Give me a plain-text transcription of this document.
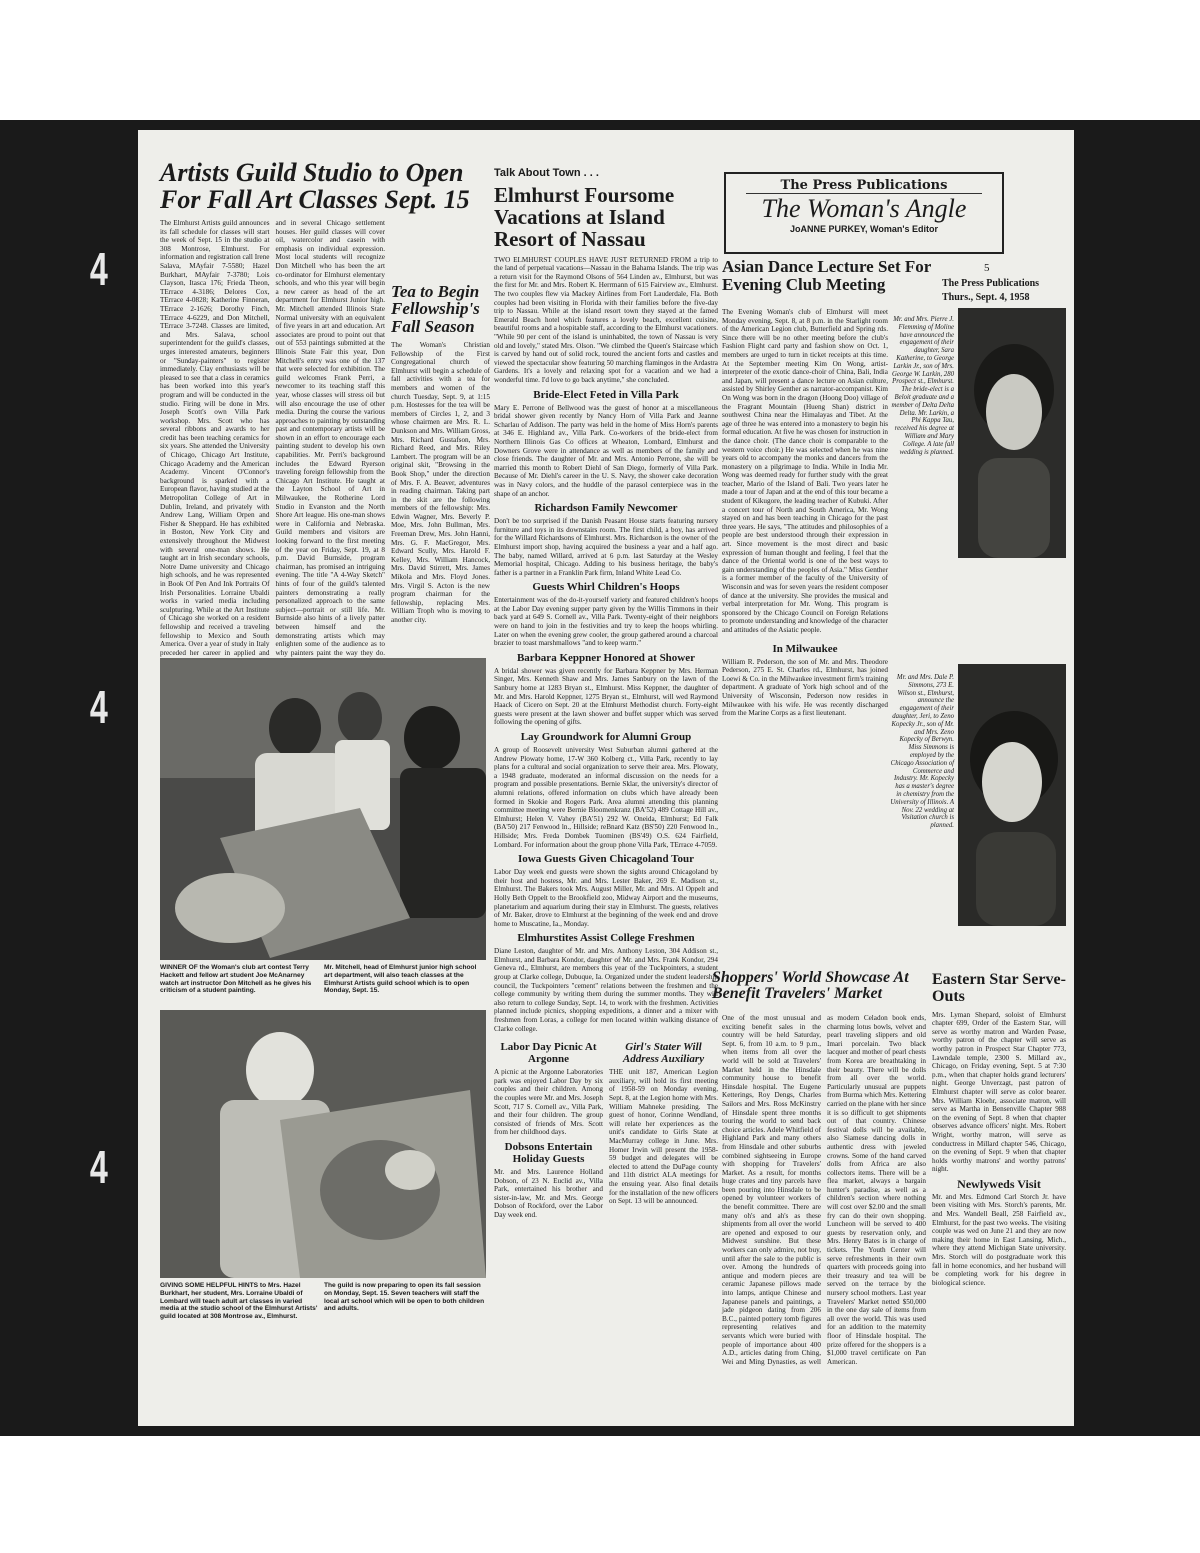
4
4
4
Artists Guild Studio to Open For Fall Art Classes Sept. 15

The Elmhurst Artists guild announces its fall schedule for classes will start the week of Sept. 15 in the studio at 308 Montrose, Elmhurst. For information and registration call Irene Salava, MAyfair 7-5580; Hazel Burkhart, MAyfair 7-3780; Lois Clayson, Itasca 176; Frieda Theon, TErrace 4-3186; Delores Cox, TErrace 4-0828; Katherine Finneran, TErrace 2-1626; Dorothy Finch, TErrace 4-6229, and Don Mitchell, TErrace 3-7248. Classes are limited, and Mrs. Salava, school superintendent for the guild's classes, urges interested amateurs, beginners or "Sunday-painters" to register immediately. Clay enthusiasts will be pleased to see that a class in ceramics has been worked into this year's program and will be conducted in the studio. Firing will be done in Mrs. Joseph Scott's own Villa Park workshop. Mrs. Scott who has several ribbons and awards to her credit has been teaching ceramics for six years. She attended the University of Chicago, Chicago Art Institute, Chicago Academy and the American Academy. Vincent O'Connor's background is sparked with a European flavor, having studied at the Metropolitan College of Art in Dublin, Ireland, and privately with Andrew Lang, William Orpen and Fisher & Sheppard. He has exhibited in Boston, New York City and extensively throughout the Midwest with several one-man shows. He taught art in Irish secondary schools, Notre Dame university and Chicago high schools, and he was represented in Book Of Pen And Ink Portraits Of Irish Personalities. Lorraine Ubaldi works in varied media including sculpturing. While at the Art Institute of Chicago she worked on a resident fellowship and received a traveling fellowship to Mexico and South America. Over a year of study in Italy preceded her career in applied and and in several Chicago settlement houses. Her guild classes will cover oil, watercolor and casein with emphasis on individual expression. Most local students will recognize Don Mitchell who has been the art co-ordinator for Elmhurst elementary schools, and who this year will begin a new career as head of the art department for Elmhurst Junior high. Mr. Mitchell attended Illinois State Normal university with an equivalent of five years in art and education. Art associates are proud to point out that out of 553 paintings submitted at the Illinois State Fair this year, Don Mitchell's entry was one of the 137 that were selected for exhibition. The guild welcomes Frank Perri, a newcomer to its teaching staff this year, whose classes will stress oil but will also encourage the use of other media. During the course the various approaches to painting by outstanding past and contemporary artists will be shown in an effort to encourage each painting student to develop his own capabilities. Mr. Perri's background includes the Edward Ryerson traveling foreign fellowship from the Chicago Art Institute. He taught at the Layton School of Art in Milwaukee, the Rotherine Lord Studio in Evanston and the North Shore Art league. His one-man shows were in California and Nebraska. Guild members and visitors are looking forward to the first meeting of the year on Friday, Sept. 19, at 8 p.m. David Burnside, program chairman, has promised an intriguing evening. The title "A 4-Way Sketch" hints of four of the guild's talented painters demonstrating a really personalized approach to the same subject—portrait or still life. Mr. Burnside also hints of a lively patter between himself and the demonstrating artists which may enlighten some of the audience as to why painters paint the way they do.

Tea to Begin Fellowship's Fall Season

The Woman's Christian Fellowship of the First Congregational church of Elmhurst will begin a schedule of fall activities with a tea for members and women of the church Tuesday, Sept. 9, at 1:15 p.m. Hostesses for the tea will be members of Circles 1, 2, and 3 whose chairmen are Mrs. R. L. Dunkson and Mrs. William Gross, Mrs. Richard Gustafson, Mrs. Richard Reed, and Mrs. Riley Lambert. The program will be an original skit, "Browsing in the Book Shop," under the direction of Mrs. F. A. Beaver, adventures in reading chairman. Taking part in the skit are the following members of the fellowship: Mrs. Edwin Wagner, Mrs. Beverly P. Moe, Mrs. John Bullman, Mrs. Freeman Drew, Mrs. John Hanni, Mrs. G. F. MacGregor, Mrs. Edward Scully, Mrs. Harold F. Kelley, Mrs. William Hancock, Mrs. David Stirrett, Mrs. James Mikola and Mrs. Floyd Jones. Mrs. Virgil S. Acton is the new program chairman for the fellowship, replacing Mrs. William Troph who is moving to another city.

WINNER OF the Woman's club art contest Terry Hackett and fellow art student Joe McAnarney watch art instructor Don Mitchell as he gives his criticism of a student painting.
Mr. Mitchell, head of Elmhurst junior high school art department, will also teach classes at the Elmhurst Artists guild school which is to open Monday, Sept. 15.
GIVING SOME HELPFUL HINTS to Mrs. Hazel Burkhart, her student, Mrs. Lorraine Ubaldi of Lombard will teach adult art classes in varied media at the studio school of the Elmhurst Artists' guild located at 308 Montrose av., Elmhurst.
The guild is now preparing to open its fall session on Monday, Sept. 15. Seven teachers will staff the local art school which will be open to both children and adults.
Talk About Town . . .
Elmhurst Foursome Vacations at Island Resort of Nassau

TWO ELMHURST COUPLES HAVE JUST RETURNED FROM a trip to the land of perpetual vacations—Nassau in the Bahama Islands. The trip was a return visit for the Raymond Olsons of 564 Linden av., Elmhurst, but was the first for Mr. and Mrs. Robert K. Herrmann of 615 Fairview av., Elmhurst. The two couples flew via Mackey Airlines from Fort Lauderdale, Fla. Both couples had been visiting in Florida with their families before the five-day trip to Nassau. While at the island resort town they stayed at the famed Emerald Beach hotel which features a lovely beach, excellent cuisine, beautiful rooms and a hospitable staff, according to the Elmhurst vacationers. "While 90 per cent of the island is uninhabited, the town of Nassau is very old and lovely," stated Mrs. Olson. "We climbed the Queen's Staircase which is carved by hand out of solid rock, toured the ancient forts and castles and viewed the spectacular show featuring 50 marching flamingos in the Ardastra Gardens. It's a lovely and relaxing spot for a vacation and we had a wonderful time. I'd love to go back anytime," she concluded.

Bride-Elect Feted in Villa Park

Mary E. Perrone of Bellwood was the guest of honor at a miscellaneous bridal shower given recently by Nancy Horn of Villa Park and Jeanne Scharlau of Addison. The party was held in the home of Miss Horn's parents at 346 E. Highland av., Villa Park. Co-workers of the bride-elect from Northern Illinois Gas Co offices at Wheaton, Lombard, Elmhurst and Downers Grove were in attendance as well as members of the family and close friends. The daughter of Mr. and Mrs. Antonio Perrone, she will be married this month to Robert Diehl of San Diego, formerly of Villa Park. Because of Mr. Diehl's career in the U. S. Navy, the shower cake decoration was in Navy colors, and the huddle of the parasol centerpiece was in the shape of an anchor.

Richardson Family Newcomer

Don't be too surprised if the Danish Peasant House starts featuring nursery furniture and toys in its downstairs room. The first child, a boy, has arrived for the Willard Richardsons of Elmhurst. Mrs. Richardson is the owner of the Elmhurst import shop, having acquired the business a year and a half ago. The baby, named Willard, arrived at 6 p.m. last Saturday at the Wesley Memorial hospital, Chicago. Adding to his business heritage, the baby's father is a partner in a Franklin Park firm, Inland White Lead Co.

Guests Whirl Children's Hoops

Entertainment was of the do-it-yourself variety and featured children's hoops at the Labor Day evening supper party given by the Willis Timmons in their back yard at 649 S. Cornell av., Villa Park. Twenty-eight of their neighbors were on hand to join in the festivities and try to keep the hoops whirling. Later on when the evening grew cooler, the group gathered around a charcoal brazier to toast marshmallows "and to keep warm."

Barbara Keppner Honored at Shower

A bridal shower was given recently for Barbara Keppner by Mrs. Herman Singer, Mrs. Kenneth Shaw and Mrs. James Sanbury on the lawn of the Sanbury home at 1283 Bryan st., Elmhurst. Miss Keppner, the daughter of Mr. and Mrs. Harold Keppner, 1275 Bryan st., Elmhurst, will wed Raymond Haack of Cicero on Sept. 20 at the Elmhurst Methodist church. Forty-eight guests were present at the lawn shower and buffet supper which was served following the opening of gifts.

Lay Groundwork for Alumni Group

A group of Roosevelt university West Suburban alumni gathered at the Andrew Plowaty home, 17-W 360 Kolberg ct., Villa Park, recently to lay plans for a cultural and social organization to serve their area. Mrs. Plowaty, a 1948 graduate, moderated an informal discussion on the needs for a program and possible presentations. Bernie Sklar, the university's director of alumni relations, offered information on clubs which have already been formed in Skokie and Rogers Park. Area alumni attending this planning committee meeting were Bernie Bloomenkranz (BA'52) 489 Cottage Hill av., Elmhurst; Helen V. Vahey (BA'51) 292 W. Oneida, Elmhurst; Ed Falk (BA'50) 217 Fenwood ln., Hillside; reBnard Katz (BS'50) 220 Fenwood ln., Hillside; Mrs. Freda Dombek Tuominen (BS'49) O.S. 624 Fairfield, Lombard. For information about the group phone Villa Park, TErrace 4-7059.

Iowa Guests Given Chicagoland Tour

Labor Day week end guests were shown the sights around Chicagoland by their host and hostess, Mr. and Mrs. Lester Baker, 269 E. Madison st., Elmhurst. The Bakers took Mrs. August Miller, Mr. and Mrs. Al Oppelt and Holly Beth Oppelt to the Brookfield zoo, Midway Airport and the museums, planetarium and aquarium during their stay in Elmhurst. The guests, relatives of Mr. Baker, drove to Elmhurst at the beginning of the week end and drove home to Muscatine, Ia., Monday.

Elmhurstites Assist College Freshmen

Diane Leston, daughter of Mr. and Mrs. Anthony Leston, 304 Addison st., Elmhurst, and Barbara Kondor, daughter of Mr. and Mrs. Frank Kondor, 294 Geneva rd., Elmhurst, are members this year of the Tuckpointers, a student group at Clarke college, Dubuque, Ia. Organized under the student leadership council, the Tuckpointers "cement" relations between the freshmen and the college community by writing them during the summer months. They will also return to college Sunday, Sept. 14, to work with the freshmen. Activities planned include picnics, shopping expeditions, a dinner and a mixer with freshmen from Loras, a college for men located within walking distance of Clarke college.

Labor Day Picnic At Argonne

A picnic at the Argonne Laboratories park was enjoyed Labor Day by six couples and their children. Among the couples were Mr. and Mrs. Joseph Scott, 717 S. Cornell av., Villa Park, and their four children. The group consisted of friends of Mrs. Scott from her childhood days.

Dobsons Entertain Holiday Guests

Mr. and Mrs. Laurence Holland Dobson, of 23 N. Euclid av., Villa Park, entertained his brother and sister-in-law, Mr. and Mrs. George Dobson of Rockford, over the Labor Day week end.

Girl's Stater Will Address Auxiliary

THE unit 187, American Legion auxiliary, will hold its first meeting of 1958-59 on Monday evening, Sept. 8, at the Legion home with Mrs. William Mahneke presiding. The guest of honor, Corinne Wendland, will relate her experiences as the unit's candidate to Girls State at MacMurray college in June. Mrs. Homer Irwin will present the 1958-59 budget and delegates will be elected to attend the DuPage county and 11th district ALA meetings for the ensuing year. Also final details for the installation of the new officers on Sept. 13 will be announced.

The Press Publications
The Woman's Angle
JoANNE PURKEY, Woman's Editor
Asian Dance Lecture Set For Evening Club Meeting
5
The Press Publications
Thurs., Sept. 4, 1958

The Evening Woman's club of Elmhurst will meet Monday evening, Sept. 8, at 8 p.m. in the Starlight room of the American Legion club, Butterfield and Spring rds. Since there will be no other meeting before the club's Fashion Flight card party and fashion show on Oct. 1, members are urged to turn in ticket receipts at this time. At the September meeting Kim On Wong, artist-interpreter of the exotic dance-choir of China, Bali, India and Japan, will present a dance lecture on Asian culture, assisted by Shirley Genther as narrator-accompanist. Kim On Wong was born in the dragon (Hoong Doo) village of the Fragrant Mountain (Hueng Shan) district in southwest China near the Himalayas and Tibet. At the age of three he was entered into a monastery to begin his formal education. At five he was chosen for instruction in the dance choir. (The dance choir is comparable to the western voice choir.) He was selected when he was nine years old to accompany the monks and dancers from the monastery on a pilgrimage to India. While in India Mr. Wong was deemed ready for further study with the great teacher, Mario of the Island of Bali. Two years later he made a tour of Japan and at the end of this tour became a student of Kikugore, the leading teacher of Kubuki. After a concert tour of North and South America, Mr. Wong stayed on and has been teaching in Chicago for the past three years. He says, "The attitudes and philosophies of a people are best understood through their expression in art. Since movement is the most direct and basic expression of human thought and feeling, I feel that the dance of the Oriental world is one of the best ways to gain understanding of the peoples of Asia." Miss Genther is a former member of the faculty of the University of Wisconsin and was for seven years the resident composer of dance at the university. She provides the musical and verbal interpretation for Mr. Wong. This program is sponsored by the Chicago Council on Foreign Relations to promote understanding and knowledge of the character and attitudes of the Asiatic people.

In Milwaukee

William R. Pederson, the son of Mr. and Mrs. Theodore Pederson, 275 E. St. Charles rd., Elmhurst, has joined Loewi & Co. in the Milwaukee investment firm's training department. A graduate of York high school and of the University of Wisconsin, Pederson now resides in Milwaukee with his wife. He was recently discharged from the Marine Corps as a first lieutenant.

Mr. and Mrs. Pierre J. Flemming of Moline have announced the engagement of their daughter, Sara Katherine, to George Larkin Jr., son of Mrs. George W. Larkin, 280 Prospect st., Elmhurst. The bride-elect is a Beloit graduate and a member of Delta Delta Delta. Mr. Larkin, a Phi Kappa Tau, received his degree at William and Mary College. A late fall wedding is planned.
Mr. and Mrs. Dale P. Simmons, 273 E. Wilson st., Elmhurst, announce the engagement of their daughter, Jeri, to Zeno Kopecky Jr., son of Mr. and Mrs. Zeno Kopecky of Berwyn. Miss Simmons is employed by the Chicago Association of Commerce and Industry. Mr. Kopecky has a master's degree in chemistry from the University of Illinois. A Nov. 22 wedding at Visitation church is planned.
Shoppers' World Showcase At Benefit Travelers' Market

One of the most unusual and exciting benefit sales in the country will be held Saturday, Sept. 6, from 10 a.m. to 9 p.m., when items from all over the world will be sold at Travelers' Market held in the Hinsdale community house to benefit Hinsdale hospital. The Eugene Ketterings, Roy Dengs, Charles Sailors and Mrs. Ross McKinstry of Hinsdale spent three months touring the world to send back choice articles. Adele Whitfield of Highland Park and many others from Hinsdale and other suburbs combined sightseeing in Europe with shopping for Travelers' Market. As a result, for months huge crates and tiny parcels have been pouring into Hinsdale to be opened by volunteer workers of the benefit committee. There are many oh's and ah's as these shipments from all over the world are opened and exposed to our Midwest sunshine. But these workers can only admire, not buy, until after the sale to the public is over. Among the hundreds of antique and modern pieces are ceramic Japanese pillows made into lamps, antique Chinese and Japanese panels and paintings, a jade pidgeon dating from 206 B.C., painted pottery tomb figures representing relatives and servants which were buried with people of importance about 400 A.D., articles dating from Ching, Wei and Ming Dynasties, as well as modern Celadon book ends, charming lotus bowls, velvet and pearl traveling slippers and old Imari porcelain. Two black lacquer and mother of pearl chests from Korea are breathtaking in their beauty. There will be dolls from all over the world. Particularly unusual are puppets from Burma which Mrs. Kettering carried on the plane with her since it is so difficult to get shipments out of that country. Chinese festival dolls will be available, also Siamese dancing dolls in authentic dress with jeweled crowns. Some of the hand carved dolls from Africa are also collectors items. There will be a flea market, always a bargain hunter's paradise, as well as a children's section where nothing will cost over $2.00 and the small fry can do their own shopping. Luncheon will be served to 400 guests by reservation only, and Mrs. Henry Bates is in charge of tickets. The Youth Center will serve refreshments in their own quarters with proceeds going into their treasury and tea will be served on the terrace by the nursery school mothers. Last year Travelers' Market netted $50,000 in the one day sale of items from all over the world. This was used for an addition to the maternity floor of Hinsdale hospital. The prize offered for the shoppers is a $1,000 travel certificate on Pan American.

Eastern Star Serve-Outs

Mrs. Lyman Shepard, soloist of Elmhurst chapter 699, Order of the Eastern Star, will serve as worthy matron and Warden Pease, worthy patron of the chapter will serve as worthy patron in Prospect Star Chapter 773, Lawndale temple, 2300 S. Millard av., Chicago, on Friday evening, Sept. 5 at 7:30 p.m., when that chapter holds grand lecturers' night. George Unverzagt, past patron of Elmhurst chapter will serve as color bearer. Mrs. William Kloehr, associate matron, will serve as Martha in Bensenville Chapter 988 on the evening of Sept. 8 when that chapter observes advance officers' night. Mrs. Robert Wright, worthy matron, will serve as conductress in Millard chapter 546, Chicago, on the evening of Sept. 9 when that chapter holds worthy matrons' and worthy patrons' night.

Newlyweds Visit

Mr. and Mrs. Edmond Carl Storch Jr. have been visiting with Mrs. Storch's parents, Mr. and Mrs. Wandell Beall, 258 Fairfield av., Elmhurst, for the past two weeks. The visiting couple was wed on June 21 and they are now making their home in East Lansing, Mich., where they attend Michigan State university. Mrs. Storch will do postgraduate work this fall in home economics, and her husband will be completing work for his degree in biological science.
